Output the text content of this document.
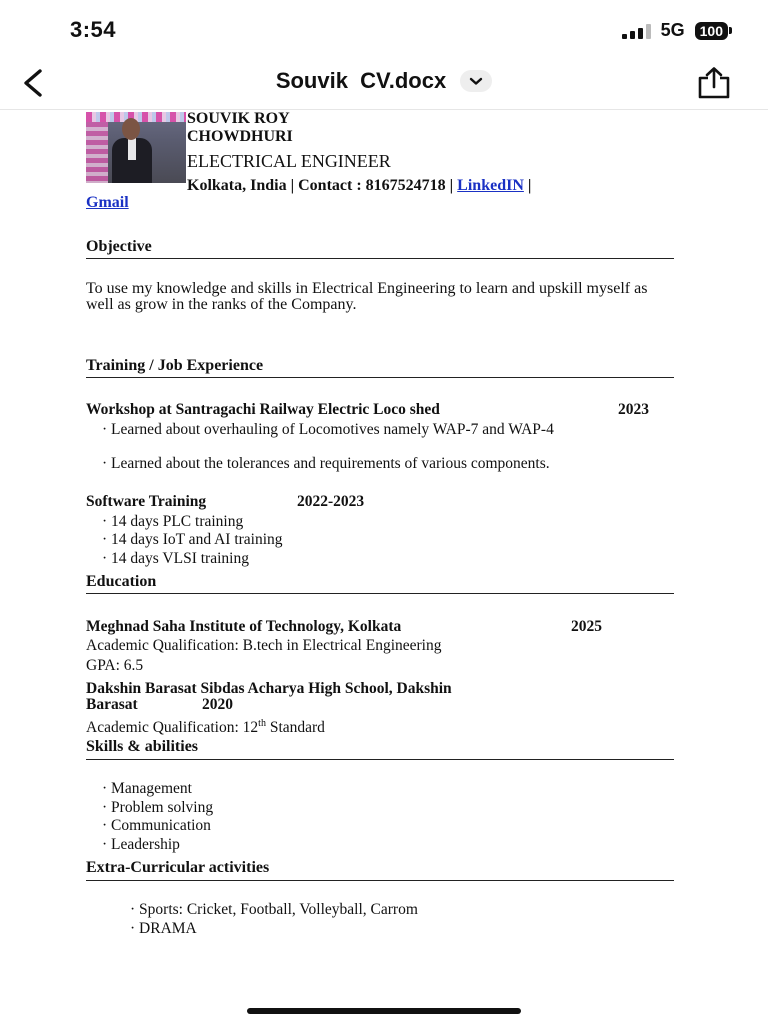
3:54	5G	100
Souvik  CV.docx
SOUVIK ROY CHOWDHURI
ELECTRICAL ENGINEER
Kolkata, India | Contact : 8167524718 | LinkedIN |
Gmail
Objective
To use my knowledge and skills in Electrical Engineering to learn and upskill myself as well as grow in the ranks of the Company.
Training / Job Experience
Workshop at Santragachi Railway Electric Loco shed	2023
· Learned about overhauling of Locomotives namely WAP-7 and WAP-4
· Learned about the tolerances and requirements of various components.
Software Training	2022-2023
· 14 days PLC training
· 14 days IoT and AI training
· 14 days VLSI training
Education
Meghnad Saha Institute of Technology, Kolkata	2025
Academic Qualification: B.tech in Electrical Engineering
GPA: 6.5
Dakshin Barasat Sibdas Acharya High School, Dakshin
Barasat	2020
Academic Qualification: 12th Standard
Skills & abilities
· Management
· Problem solving
· Communication
· Leadership
Extra-Curricular activities
· Sports: Cricket, Football, Volleyball, Carrom
· DRAMA
